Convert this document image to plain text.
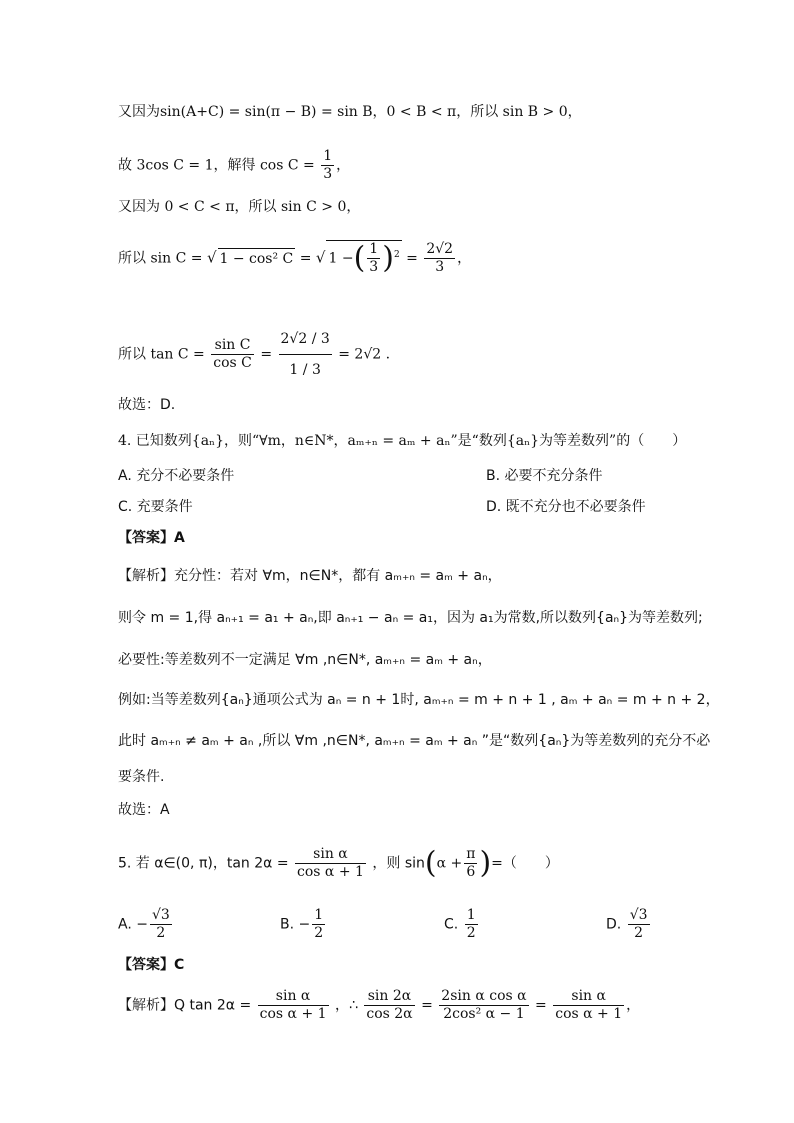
又因为sin(A+C) = sin(π − B) = sin B，0 < B < π，所以 sin B > 0，
故 3cos C = 1，解得 $\cos C = \frac{1}{3}$ ，
又因为 0 < C < π，所以 sin C > 0，
所以 sin C = √ 1 − cos² C = √ 1 −( $\frac{1}{3} )^2 = \frac{2√2}{3}$ ，
所以 $\tan C = \frac{\text{sin C}}{\text{cos C}} = \frac{2√2 / 3}{1 / 3} = 2√2$ .
故选：D.
4. 已知数列{aₙ}，则“∀m，n∈N*，aₘ₊ₙ = aₘ + aₙ”是“数列{aₙ}为等差数列”的（　　）
A. 充分不必要条件	B. 必要不充分条件
C. 充要条件	D. 既不充分也不必要条件
【答案】A
【解析】充分性：若对 ∀m，n∈N*，都有 aₘ₊ₙ = aₘ + aₙ，
则令 m = 1,得 aₙ₊₁ = a₁ + aₙ,即 aₙ₊₁ − aₙ = a₁，因为 a₁为常数,所以数列{aₙ}为等差数列;
必要性:等差数列不一定满足 ∀m ,n∈N*, aₘ₊ₙ = aₘ + aₙ，
例如:当等差数列{aₙ}通项公式为 aₙ = n + 1时, aₘ₊ₙ = m + n + 1 , aₘ + aₙ = m + n + 2，
此时 aₘ₊ₙ ≠ aₘ + aₙ ,所以 ∀m ,n∈N*, aₘ₊ₙ = aₘ + aₙ ”是“数列{aₙ}为等差数列的充分不必
要条件.
故选：A
5. 若 α∈(0, π)，$\tan 2\alpha = \frac{\text{sin α}}{\text{cos α + 1}}$ ，则 $\sin(\alpha + \frac{\pi}{6}$ )=（　　）
A. − $\frac{√3}{2}$	B. − $\frac{1}{2}$	C. $\frac{1}{2}$	D. $\frac{√3}{2}$
【答案】C
【解析】Q $\tan 2\alpha = \frac{\text{sin α}}{\text{cos α + 1}}$ ，∴ $\frac{\sin 2\alpha}{\cos 2\alpha} = \frac{\text{2sin α cos α}}{\text{2cos² α − 1}} = \frac{\text{sin α}}{\text{cos α + 1}}$ ，
